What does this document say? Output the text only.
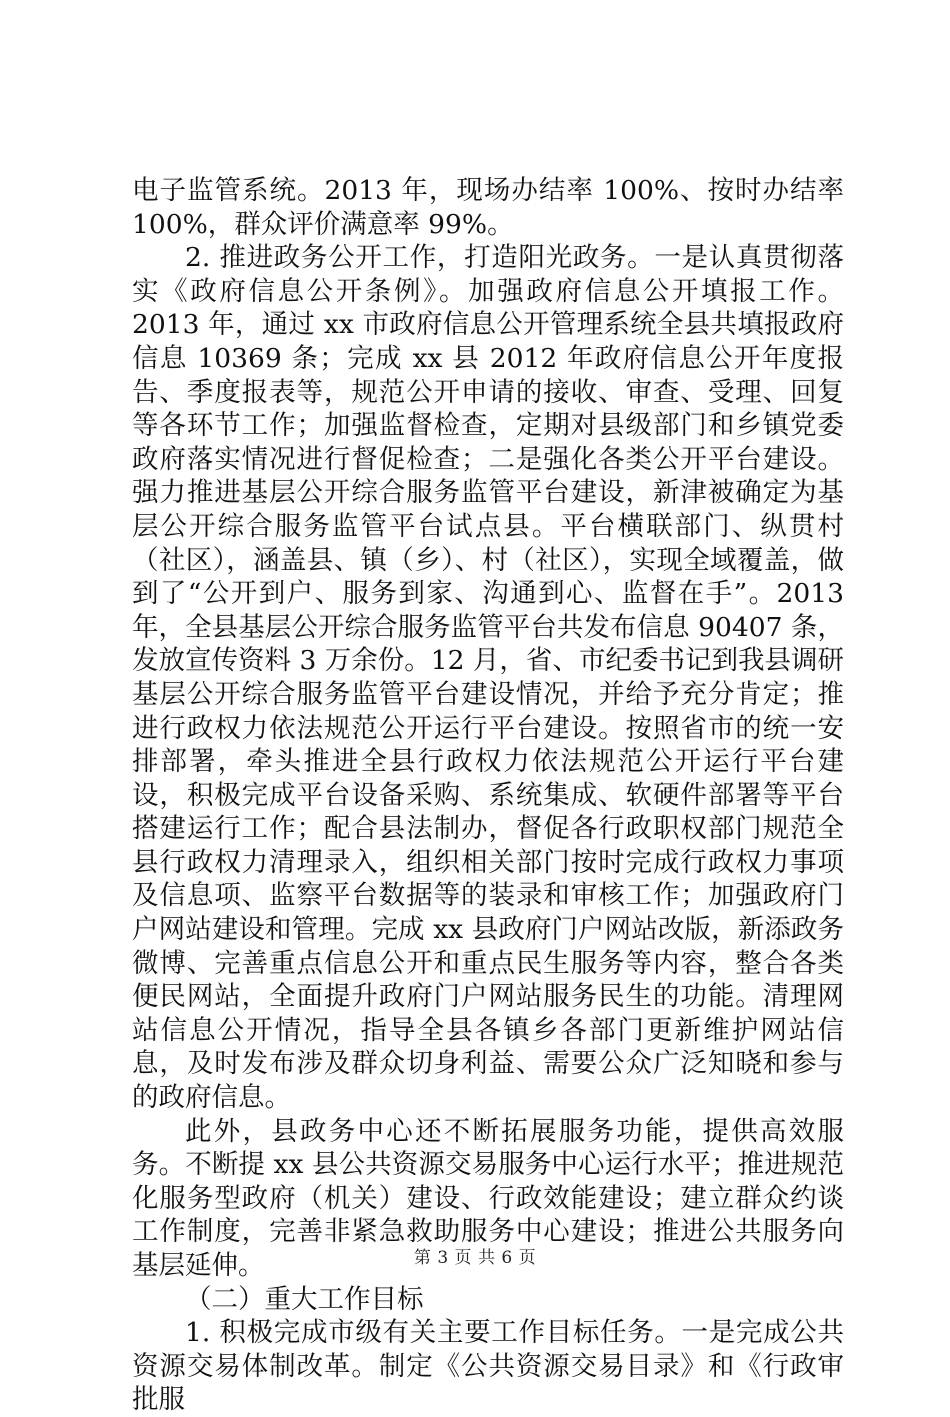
电子监管系统。2013 年，现场办结率 100%、按时办结率 100%，群众评价满意率 99%。

2. 推进政务公开工作，打造阳光政务。一是认真贯彻落实《政府信息公开条例》。加强政府信息公开填报工作。2013 年，通过 xx 市政府信息公开管理系统全县共填报政府信息 10369 条；完成 xx 县 2012 年政府信息公开年度报告、季度报表等，规范公开申请的接收、审查、受理、回复等各环节工作；加强监督检查，定期对县级部门和乡镇党委政府落实情况进行督促检查；二是强化各类公开平台建设。强力推进基层公开综合服务监管平台建设，新津被确定为基层公开综合服务监管平台试点县。平台横联部门、纵贯村（社区），涵盖县、镇（乡）、村（社区），实现全域覆盖，做到了“公开到户、服务到家、沟通到心、监督在手”。2013 年，全县基层公开综合服务监管平台共发布信息 90407 条，发放宣传资料 3 万余份。12 月，省、市纪委书记到我县调研基层公开综合服务监管平台建设情况，并给予充分肯定；推进行政权力依法规范公开运行平台建设。按照省市的统一安排部署，牵头推进全县行政权力依法规范公开运行平台建设，积极完成平台设备采购、系统集成、软硬件部署等平台搭建运行工作；配合县法制办，督促各行政职权部门规范全县行政权力清理录入，组织相关部门按时完成行政权力事项及信息项、监察平台数据等的装录和审核工作；加强政府门户网站建设和管理。完成 xx 县政府门户网站改版，新添政务微博、完善重点信息公开和重点民生服务等内容，整合各类便民网站，全面提升政府门户网站服务民生的功能。清理网站信息公开情况，指导全县各镇乡各部门更新维护网站信息，及时发布涉及群众切身利益、需要公众广泛知晓和参与的政府信息。

此外，县政务中心还不断拓展服务功能，提供高效服务。不断提 xx 县公共资源交易服务中心运行水平；推进规范化服务型政府（机关）建设、行政效能建设；建立群众约谈工作制度，完善非紧急救助服务中心建设；推进公共服务向基层延伸。

（二）重大工作目标

1. 积极完成市级有关主要工作目标任务。一是完成公共资源交易体制改革。制定《公共资源交易目录》和《行政审批服

第 3 页 共 6 页
